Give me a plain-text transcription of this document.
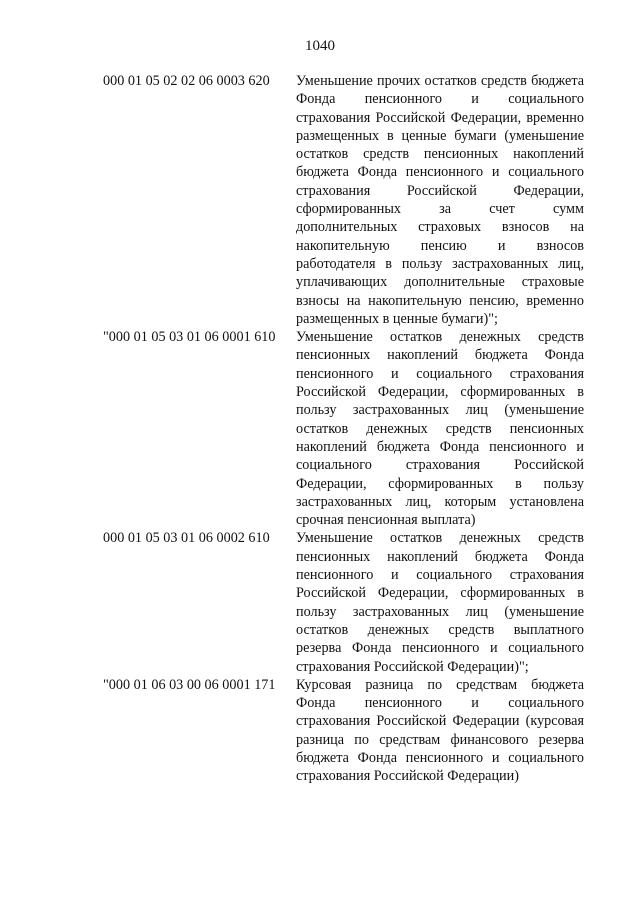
1040
000 01 05 02 02 06 0003 620	Уменьшение прочих остатков средств бюджета Фонда пенсионного и социального страхования Российской Федерации, временно размещенных в ценные бумаги (уменьшение остатков средств пенсионных накоплений бюджета Фонда пенсионного и социального страхования Российской Федерации, сформированных за счет сумм дополнительных страховых взносов на накопительную пенсию и взносов работодателя в пользу застрахованных лиц, уплачивающих дополнительные страховые взносы на накопительную пенсию, временно размещенных в ценные бумаги)";
"000 01 05 03 01 06 0001 610	Уменьшение остатков денежных средств пенсионных накоплений бюджета Фонда пенсионного и социального страхования Российской Федерации, сформированных в пользу застрахованных лиц (уменьшение остатков денежных средств пенсионных накоплений бюджета Фонда пенсионного и социального страхования Российской Федерации, сформированных в пользу застрахованных лиц, которым установлена срочная пенсионная выплата)
000 01 05 03 01 06 0002 610	Уменьшение остатков денежных средств пенсионных накоплений бюджета Фонда пенсионного и социального страхования Российской Федерации, сформированных в пользу застрахованных лиц (уменьшение остатков денежных средств выплатного резерва Фонда пенсионного и социального страхования Российской Федерации)";
"000 01 06 03 00 06 0001 171	Курсовая разница по средствам бюджета Фонда пенсионного и социального страхования Российской Федерации (курсовая разница по средствам финансового резерва бюджета Фонда пенсионного и социального страхования Российской Федерации)
